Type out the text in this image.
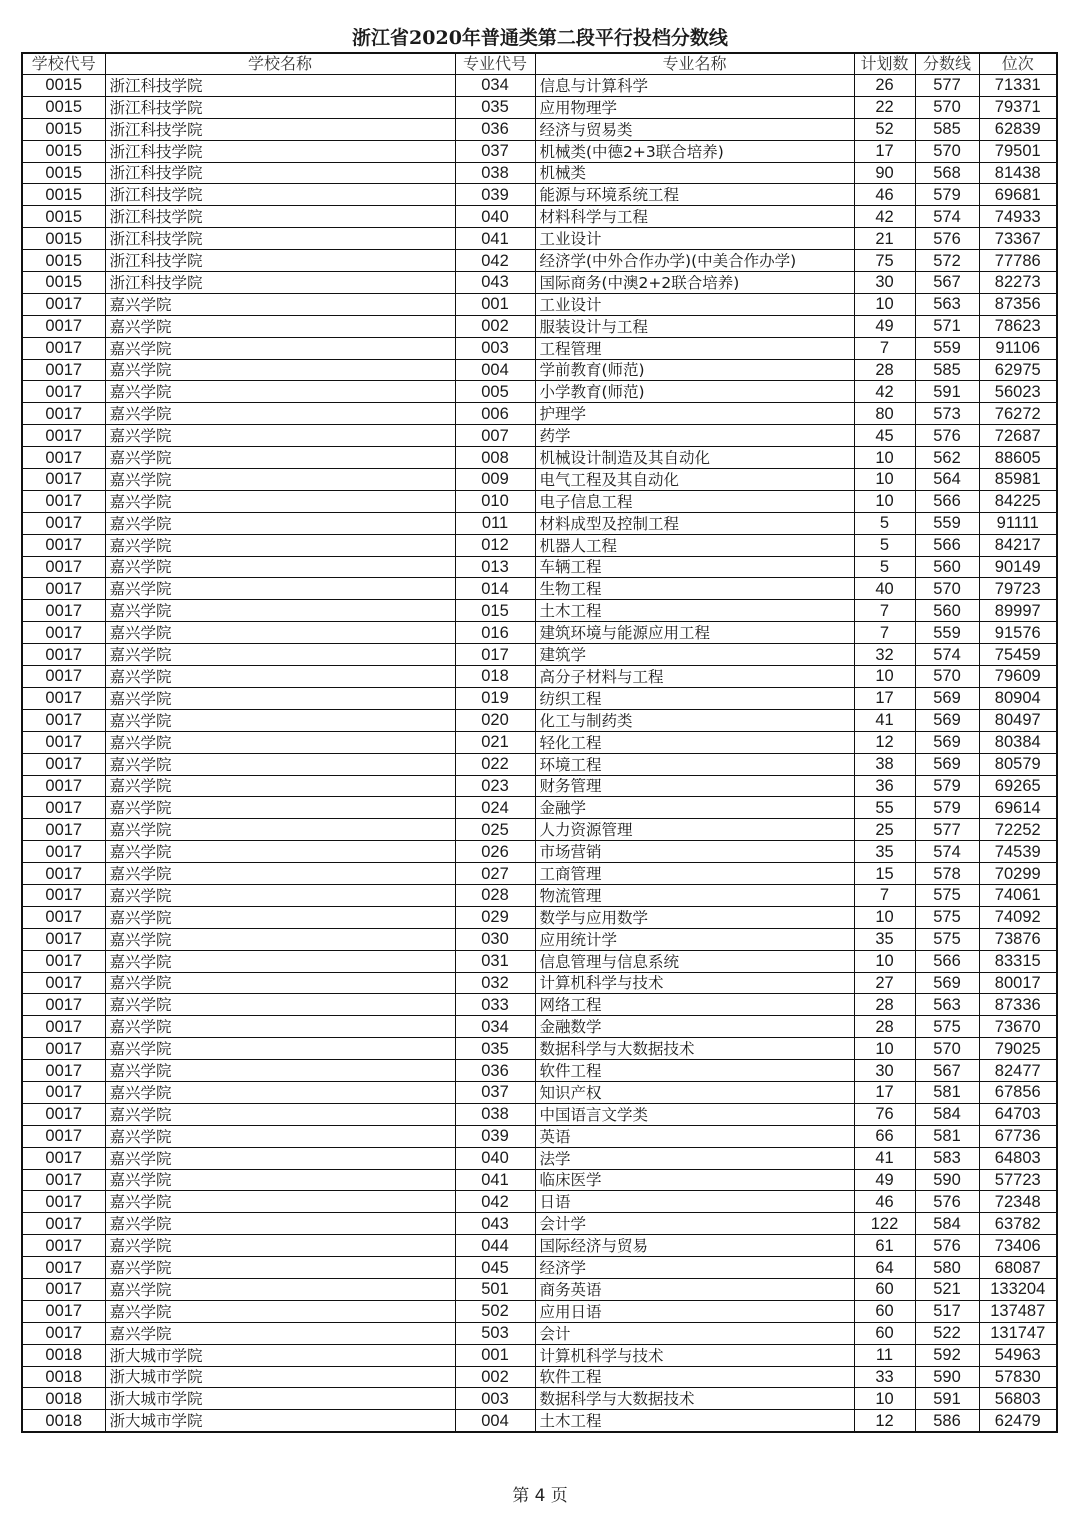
浙江省2020年普通类第二段平行投档分数线
学校代号	学校名称	专业代号	专业名称	计划数	分数线	位次
0015	浙江科技学院	034	信息与计算科学	26	577	71331
0015	浙江科技学院	035	应用物理学	22	570	79371
0015	浙江科技学院	036	经济与贸易类	52	585	62839
0015	浙江科技学院	037	机械类(中德2+3联合培养)	17	570	79501
0015	浙江科技学院	038	机械类	90	568	81438
0015	浙江科技学院	039	能源与环境系统工程	46	579	69681
0015	浙江科技学院	040	材料科学与工程	42	574	74933
0015	浙江科技学院	041	工业设计	21	576	73367
0015	浙江科技学院	042	经济学(中外合作办学)(中美合作办学)	75	572	77786
0015	浙江科技学院	043	国际商务(中澳2+2联合培养)	30	567	82273
0017	嘉兴学院	001	工业设计	10	563	87356
0017	嘉兴学院	002	服装设计与工程	49	571	78623
0017	嘉兴学院	003	工程管理	7	559	91106
0017	嘉兴学院	004	学前教育(师范)	28	585	62975
0017	嘉兴学院	005	小学教育(师范)	42	591	56023
0017	嘉兴学院	006	护理学	80	573	76272
0017	嘉兴学院	007	药学	45	576	72687
0017	嘉兴学院	008	机械设计制造及其自动化	10	562	88605
0017	嘉兴学院	009	电气工程及其自动化	10	564	85981
0017	嘉兴学院	010	电子信息工程	10	566	84225
0017	嘉兴学院	011	材料成型及控制工程	5	559	91111
0017	嘉兴学院	012	机器人工程	5	566	84217
0017	嘉兴学院	013	车辆工程	5	560	90149
0017	嘉兴学院	014	生物工程	40	570	79723
0017	嘉兴学院	015	土木工程	7	560	89997
0017	嘉兴学院	016	建筑环境与能源应用工程	7	559	91576
0017	嘉兴学院	017	建筑学	32	574	75459
0017	嘉兴学院	018	高分子材料与工程	10	570	79609
0017	嘉兴学院	019	纺织工程	17	569	80904
0017	嘉兴学院	020	化工与制药类	41	569	80497
0017	嘉兴学院	021	轻化工程	12	569	80384
0017	嘉兴学院	022	环境工程	38	569	80579
0017	嘉兴学院	023	财务管理	36	579	69265
0017	嘉兴学院	024	金融学	55	579	69614
0017	嘉兴学院	025	人力资源管理	25	577	72252
0017	嘉兴学院	026	市场营销	35	574	74539
0017	嘉兴学院	027	工商管理	15	578	70299
0017	嘉兴学院	028	物流管理	7	575	74061
0017	嘉兴学院	029	数学与应用数学	10	575	74092
0017	嘉兴学院	030	应用统计学	35	575	73876
0017	嘉兴学院	031	信息管理与信息系统	10	566	83315
0017	嘉兴学院	032	计算机科学与技术	27	569	80017
0017	嘉兴学院	033	网络工程	28	563	87336
0017	嘉兴学院	034	金融数学	28	575	73670
0017	嘉兴学院	035	数据科学与大数据技术	10	570	79025
0017	嘉兴学院	036	软件工程	30	567	82477
0017	嘉兴学院	037	知识产权	17	581	67856
0017	嘉兴学院	038	中国语言文学类	76	584	64703
0017	嘉兴学院	039	英语	66	581	67736
0017	嘉兴学院	040	法学	41	583	64803
0017	嘉兴学院	041	临床医学	49	590	57723
0017	嘉兴学院	042	日语	46	576	72348
0017	嘉兴学院	043	会计学	122	584	63782
0017	嘉兴学院	044	国际经济与贸易	61	576	73406
0017	嘉兴学院	045	经济学	64	580	68087
0017	嘉兴学院	501	商务英语	60	521	133204
0017	嘉兴学院	502	应用日语	60	517	137487
0017	嘉兴学院	503	会计	60	522	131747
0018	浙大城市学院	001	计算机科学与技术	11	592	54963
0018	浙大城市学院	002	软件工程	33	590	57830
0018	浙大城市学院	003	数据科学与大数据技术	10	591	56803
0018	浙大城市学院	004	土木工程	12	586	62479
第 4 页
